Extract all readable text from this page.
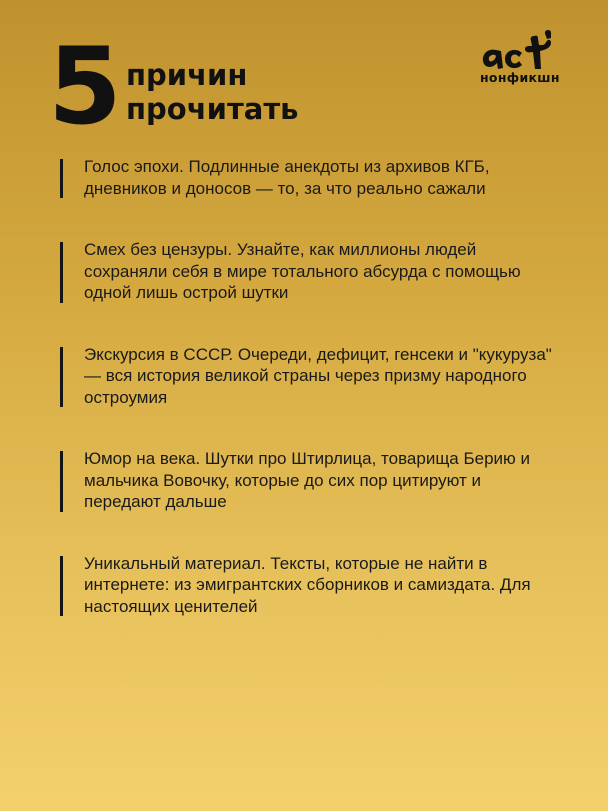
5 причин
прочитать
нонфикшн
Голос эпохи. Подлинные анекдоты из архивов КГБ, дневников и доносов — то, за что реально сажали
Смех без цензуры. Узнайте, как миллионы людей сохраняли себя в мире тотального абсурда с помощью одной лишь острой шутки
Экскурсия в СССР. Очереди, дефицит, генсеки и "кукуруза" — вся история великой страны через призму народного остроумия
Юмор на века. Шутки про Штирлица, товарища Берию и мальчика Вовочку, которые до сих пор цитируют и передают дальше
Уникальный материал. Тексты, которые не найти в интернете: из эмигрантских сборников и самиздата. Для настоящих ценителей
